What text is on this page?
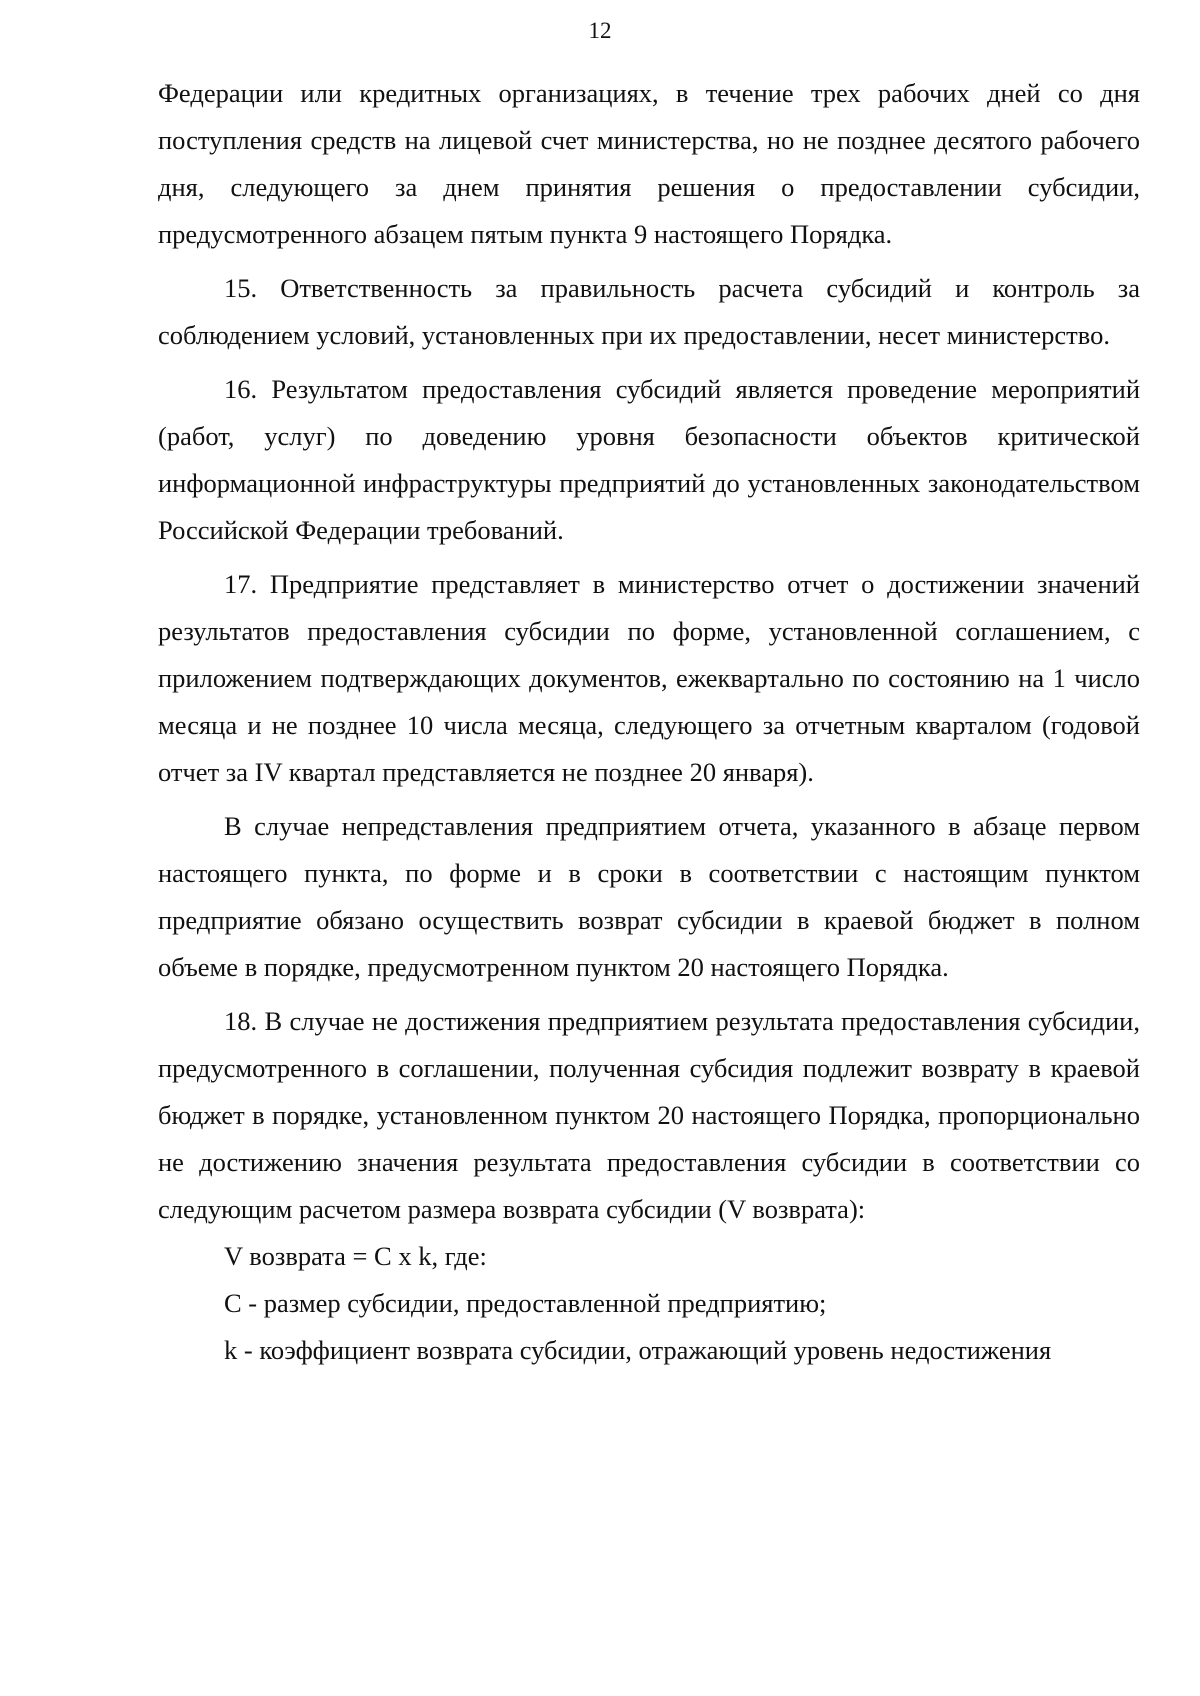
12

Федерации или кредитных организациях, в течение трех рабочих дней со дня поступления средств на лицевой счет министерства, но не позднее десятого рабочего дня, следующего за днем принятия решения о предоставлении субсидии, предусмотренного абзацем пятым пункта 9 настоящего Порядка.

15. Ответственность за правильность расчета субсидий и контроль за соблюдением условий, установленных при их предоставлении, несет министерство.

16. Результатом предоставления субсидий является проведение мероприятий (работ, услуг) по доведению уровня безопасности объектов критической информационной инфраструктуры предприятий до установленных законодательством Российской Федерации требований.

17. Предприятие представляет в министерство отчет о достижении значений результатов предоставления субсидии по форме, установленной соглашением, с приложением подтверждающих документов, ежеквартально по состоянию на 1 число месяца и не позднее 10 числа месяца, следующего за отчетным кварталом (годовой отчет за IV квартал представляется не позднее 20 января).

В случае непредставления предприятием отчета, указанного в абзаце первом настоящего пункта, по форме и в сроки в соответствии с настоящим пунктом предприятие обязано осуществить возврат субсидии в краевой бюджет в полном объеме в порядке, предусмотренном пунктом 20 настоящего Порядка.

18. В случае не достижения предприятием результата предоставления субсидии, предусмотренного в соглашении, полученная субсидия подлежит возврату в краевой бюджет в порядке, установленном пунктом 20 настоящего Порядка, пропорционально не достижению значения результата предоставления субсидии в соответствии со следующим расчетом размера возврата субсидии (V возврата):

V возврата = C x k, где:

C - размер субсидии, предоставленной предприятию;

k - коэффициент возврата субсидии, отражающий уровень недостижения
